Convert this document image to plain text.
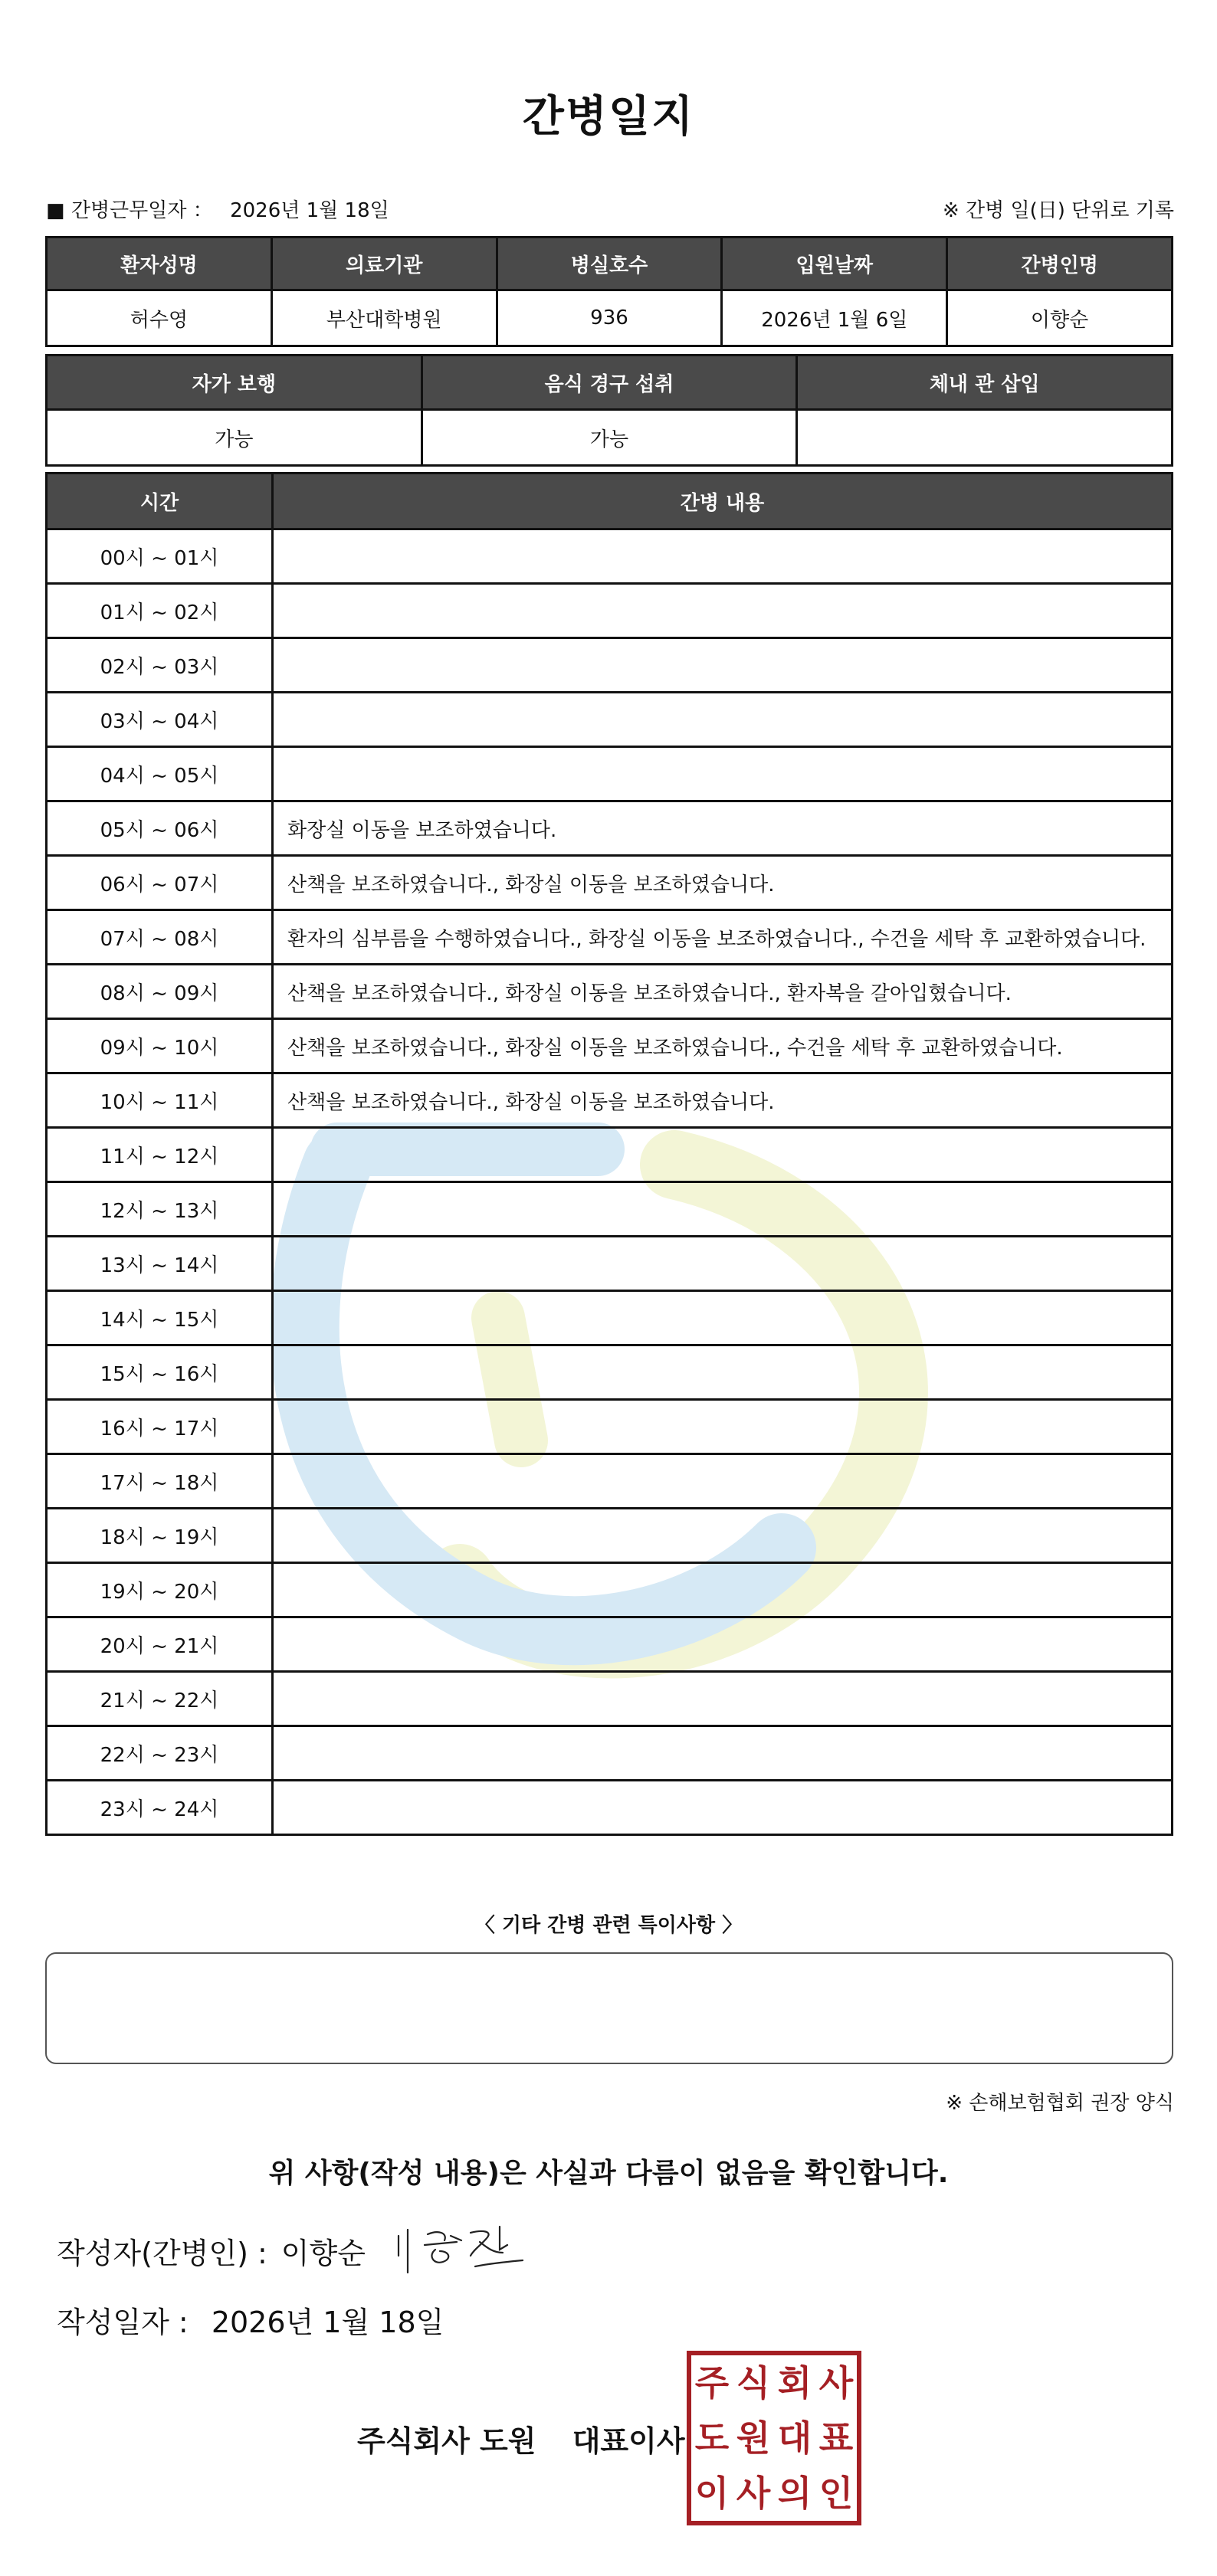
간병일지
■ 간병근무일자 ： 2026년 1월 18일	※ 간병 일(日) 단위로 기록
환자성명	의료기관	병실호수	입원날짜	간병인명
허수영	부산대학병원	936	2026년 1월 6일	이향순
자가 보행	음식 경구 섭취	체내 관 삽입
가능	가능	
시간	간병 내용
00시 ~ 01시	
01시 ~ 02시	
02시 ~ 03시	
03시 ~ 04시	
04시 ~ 05시	
05시 ~ 06시	화장실 이동을 보조하였습니다.
06시 ~ 07시	산책을 보조하였습니다., 화장실 이동을 보조하였습니다.
07시 ~ 08시	환자의 심부름을 수행하였습니다., 화장실 이동을 보조하였습니다., 수건을 세탁 후 교환하였습니다.
08시 ~ 09시	산책을 보조하였습니다., 화장실 이동을 보조하였습니다., 환자복을 갈아입혔습니다.
09시 ~ 10시	산책을 보조하였습니다., 화장실 이동을 보조하였습니다., 수건을 세탁 후 교환하였습니다.
10시 ~ 11시	산책을 보조하였습니다., 화장실 이동을 보조하였습니다.
11시 ~ 12시	
12시 ~ 13시	
13시 ~ 14시	
14시 ~ 15시	
15시 ~ 16시	
16시 ~ 17시	
17시 ~ 18시	
18시 ~ 19시	
19시 ~ 20시	
20시 ~ 21시	
21시 ~ 22시	
22시 ~ 23시	
23시 ~ 24시	
〈 기타 간병 관련 특이사항 〉
※ 손해보험협회 권장 양식
위 사항(작성 내용)은 사실과 다름이 없음을 확인합니다.
작성자(간병인) : 이향순
작성일자 : 2026년 1월 18일
주식회사 도원 대표이사
주 식 회 사
도 원 대 표
이 사 의 인
